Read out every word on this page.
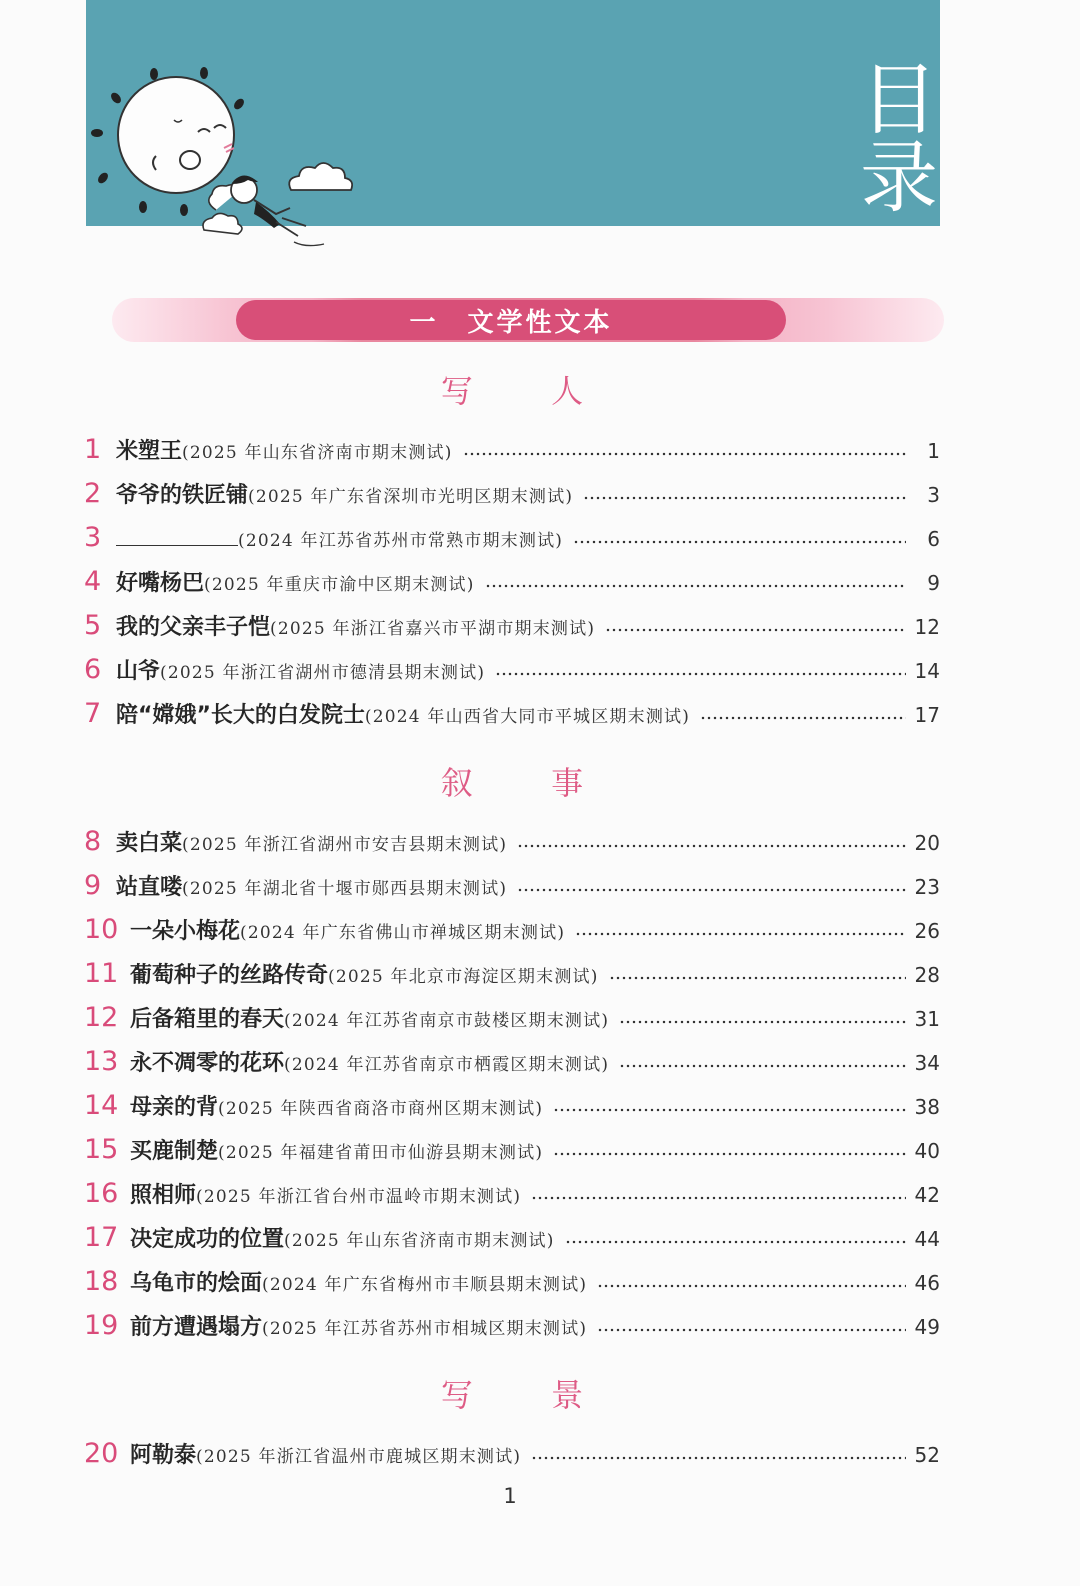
目录
一　文学性文本
写 人
叙 事
写 景
1 米塑王 (2025 年山东省济南市期末测试)	1
2 爷爷的铁匠铺 (2025 年广东省深圳市光明区期末测试)	3
3	(2024 年江苏省苏州市常熟市期末测试)	6
4 好嘴杨巴 (2025 年重庆市渝中区期末测试)	9
5 我的父亲丰子恺 (2025 年浙江省嘉兴市平湖市期末测试)	12
6 山爷 (2025 年浙江省湖州市德清县期末测试)	14
7 陪“嫦娥”长大的白发院士 (2024 年山西省大同市平城区期末测试)	17
8 卖白菜 (2025 年浙江省湖州市安吉县期末测试)	20
9 站直喽 (2025 年湖北省十堰市郧西县期末测试)	23
10 一朵小梅花 (2024 年广东省佛山市禅城区期末测试)	26
11 葡萄种子的丝路传奇 (2025 年北京市海淀区期末测试)	28
12 后备箱里的春天 (2024 年江苏省南京市鼓楼区期末测试)	31
13 永不凋零的花环 (2024 年江苏省南京市栖霞区期末测试)	34
14 母亲的背 (2025 年陕西省商洛市商州区期末测试)	38
15 买鹿制楚 (2025 年福建省莆田市仙游县期末测试)	40
16 照相师 (2025 年浙江省台州市温岭市期末测试)	42
17 决定成功的位置 (2025 年山东省济南市期末测试)	44
18 乌龟市的烩面 (2024 年广东省梅州市丰顺县期末测试)	46
19 前方遭遇塌方 (2025 年江苏省苏州市相城区期末测试)	49
20 阿勒泰 (2025 年浙江省温州市鹿城区期末测试)	52
1
